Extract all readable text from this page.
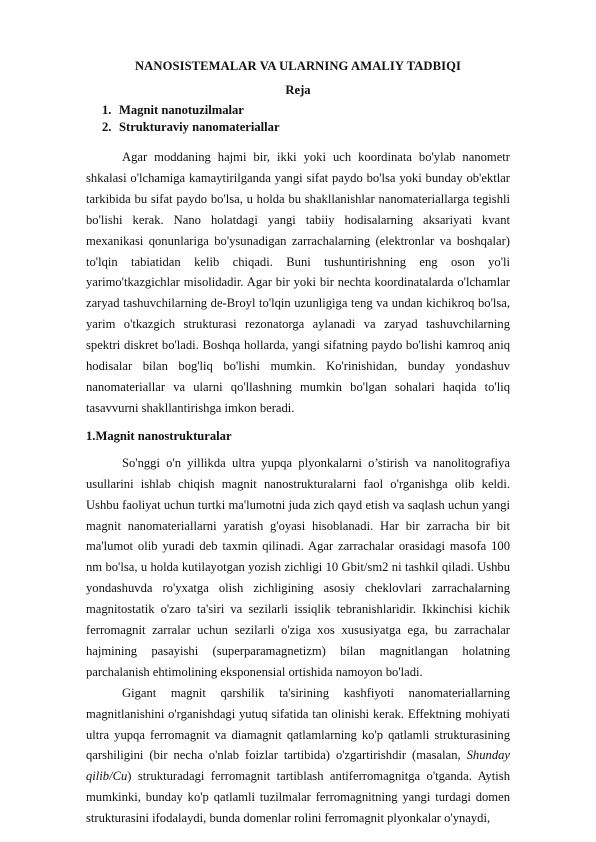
NANOSISTEMALAR VA ULARNING AMALIY TADBIQI

Reja

1. Magnit nanotuzilmalar
2. Strukturaviy nanomateriallar

Agar moddaning hajmi bir, ikki yoki uch koordinata bo'ylab nanometr shkalasi o'lchamiga kamaytirilganda yangi sifat paydo bo'lsa yoki bunday ob'ektlar tarkibida bu sifat paydo bo'lsa, u holda bu shakllanishlar nanomateriallarga tegishli bo'lishi kerak. Nano holatdagi yangi tabiiy hodisalarning aksariyati kvant mexanikasi qonunlariga bo'ysunadigan zarrachalarning (elektronlar va boshqalar) to'lqin tabiatidan kelib chiqadi. Buni tushuntirishning eng oson yo'li yarimo'tkazgichlar misolidadir. Agar bir yoki bir nechta koordinatalarda o'lchamlar zaryad tashuvchilarning de-Broyl to'lqin uzunligiga teng va undan kichikroq bo'lsa, yarim o'tkazgich strukturasi rezonatorga aylanadi va zaryad tashuvchilarning spektri diskret bo'ladi. Boshqa hollarda, yangi sifatning paydo bo'lishi kamroq aniq hodisalar bilan bog'liq bo'lishi mumkin. Ko'rinishidan, bunday yondashuv nanomateriallar va ularni qo'llashning mumkin bo'lgan sohalari haqida to'liq tasavvurni shakllantirishga imkon beradi.

1.Magnit nanostrukturalar

So'nggi o'n yillikda ultra yupqa plyonkalarni o’stirish va nanolitografiya usullarini ishlab chiqish magnit nanostrukturalarni faol o'rganishga olib keldi. Ushbu faoliyat uchun turtki ma'lumotni juda zich qayd etish va saqlash uchun yangi magnit nanomateriallarni yaratish g'oyasi hisoblanadi. Har bir zarracha bir bit ma'lumot olib yuradi deb taxmin qilinadi. Agar zarrachalar orasidagi masofa 100 nm bo'lsa, u holda kutilayotgan yozish zichligi 10 Gbit/sm2 ni tashkil qiladi. Ushbu yondashuvda ro'yxatga olish zichligining asosiy cheklovlari zarrachalarning magnitostatik o'zaro ta'siri va sezilarli issiqlik tebranishlaridir. Ikkinchisi kichik ferromagnit zarralar uchun sezilarli o'ziga xos xususiyatga ega, bu zarrachalar hajmining pasayishi (superparamagnetizm) bilan magnitlangan holatning parchalanish ehtimolining eksponensial ortishida namoyon bo'ladi.

Gigant magnit qarshilik ta'sirining kashfiyoti nanomateriallarning magnitlanishini o'rganishdagi yutuq sifatida tan olinishi kerak. Effektning mohiyati ultra yupqa ferromagnit va diamagnit qatlamlarning ko'p qatlamli strukturasining qarshiligini (bir necha o'nlab foizlar tartibida) o'zgartirishdir (masalan, Shunday qilib/Cu) strukturadagi ferromagnit tartiblash antiferromagnitga o'tganda. Aytish mumkinki, bunday ko'p qatlamli tuzilmalar ferromagnitning yangi turdagi domen strukturasini ifodalaydi, bunda domenlar rolini ferromagnit plyonkalar o'ynaydi,
